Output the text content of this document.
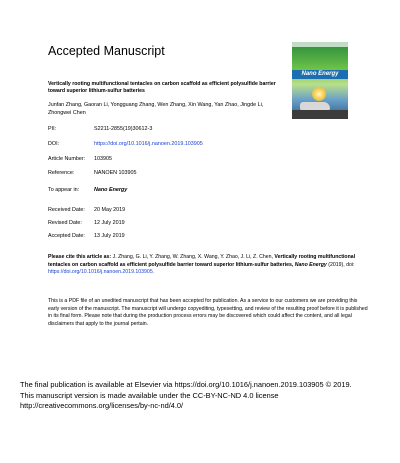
Accepted Manuscript
Nano Energy
Vertically rooting multifunctional tentacles on carbon scaffold as efficient polysulfide barrier toward superior lithium-sulfur batteries
Junfan Zhang, Gaoran Li, Yongguang Zhang, Wen Zhang, Xin Wang, Yan Zhao, Jingde Li, Zhongwei Chen
PII:	S2211-2855(19)30612-3
DOI:	https://doi.org/10.1016/j.nanoen.2019.103905
Article Number: 103905
Reference:	NANOEN 103905
To appear in:	Nano Energy
Received Date: 20 May 2019
Revised Date: 12 July 2019
Accepted Date: 13 July 2019
Please cite this article as: J. Zhang, G. Li, Y. Zhang, W. Zhang, X. Wang, Y. Zhao, J. Li, Z. Chen, Vertically rooting multifunctional tentacles on carbon scaffold as efficient polysulfide barrier toward superior lithium-sulfur batteries, Nano Energy (2019), doi: https://doi.org/10.1016/j.nanoen.2019.103905.
This is a PDF file of an unedited manuscript that has been accepted for publication. As a service to our customers we are providing this early version of the manuscript. The manuscript will undergo copyediting, typesetting, and review of the resulting proof before it is published in its final form. Please note that during the production process errors may be discovered which could affect the content, and all legal disclaimers that apply to the journal pertain.
The final publication is available at Elsevier via https://doi.org/10.1016/j.nanoen.2019.103905 © 2019.
This manuscript version is made available under the CC-BY-NC-ND 4.0 license
http://creativecommons.org/licenses/by-nc-nd/4.0/
